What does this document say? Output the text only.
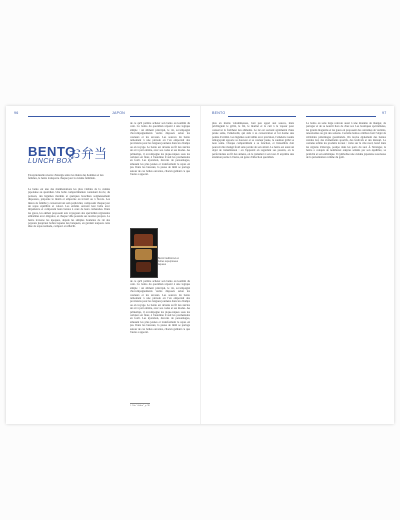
96	JAPON	BENTO	97
BENTO
お弁当
LUNCH BOX
Exceptionnelle réserve d'énergie entre les mains des hommes et des femmes, le bento transporte chaque jour la cuisine familiale.
Le bento est une des manifestations les plus visibles de la cuisine japonaise au quotidien. Une boîte compartimentée contenant du riz, du poisson, des légumes marinés et quelques bouchées soigneusement disposées, préparée le matin et emportée au travail ou à l'école. Les mères de famille y consacrent un soin particulier, composant chaque jour un repas équilibré et coloré. Les enfants ouvrent leur boîte avec impatience et comparent leurs bentos à ceux de leurs camarades. Dans les gares, les ekiben proposent aux voyageurs des spécialités régionales emballées avec élégance, et chaque ville possède ses recettes propres. Le bento traverse les époques, depuis les simples boulettes de riz des paysans jusqu'aux boîtes laquées des banquets, en gardant toujours cette idée de repas nomade, compact et réfléchi.
de ce qu'il préfère acheter son bento au konbini du coin. Ce bento du quotidien répond à une logique simple : un aliment principal, le riz, accompagné d'accompagnements variés disposés selon les couleurs et les saveurs. Les sources du bento remontent à une période où l'on emportait des provisions pour les longues journées dans les champs ou en voyage. Le bento est devenu au fil des siècles un art à part entière, avec ses codes et ses modes. Au printemps, il accompagne les pique-niques sous les cerisiers en fleur, à l'automne il suit les promenades en forêt. Les kyaraben, décorés de personnages, amusent les plus jeunes et transforment le repas en jeu. Dans les bureaux, la pause de midi se partage autour de ces boîtes ouvertes, chacun goûtant ce que l'autre a apporté.
de ce qu'il préfère acheter son bento au konbini du coin. Ce bento du quotidien répond à une logique simple : un aliment principal, le riz, accompagné d'accompagnements variés disposés selon les couleurs et les saveurs. Les sources du bento remontent à une période où l'on emportait des provisions pour les longues journées dans les champs ou en voyage. Le bento est devenu au fil des siècles un art à part entière, avec ses codes et ses modes. Au printemps, il accompagne les pique-niques sous les cerisiers en fleur, à l'automne il suit les promenades en forêt. Les kyaraben, décorés de personnages, amusent les plus jeunes et transforment le repas en jeu. Dans les bureaux, la pause de midi se partage autour de ces boîtes ouvertes, chacun goûtant ce que l'autre a apporté.
plus en moins volumineuses, font peu appel aux sauces, mais privilégient le grillé, le frit, le mariné et le cuit à la vapeur pour conserver la fraîcheur des aliments. Le riz est souvent agrémenté d'une prune salée, l'umeboshi, qui aide à sa conservation et lui donne une pointe d'acidité. Les légumes sont taillés avec précision, l'omelette roulée tamagoyaki apporte sa douceur et sa couleur jaune, le saumon grillé sa note salée. Chaque compartiment a sa fonction, et l'ensemble doit pouvoir être mangé froid sans perdre de son attrait. Le bento est aussi un objet de transmission : on l'apprend en regardant ses parents, on le perfectionne au fil des années, on le transmet à son tour. Il exprime une attention portée à l'autre, un geste d'affection quotidien.
Le bento au sens large renvoie aussi à une manière de manger, de partager et de se nourrir hors de chez soi. Les boutiques spécialisées, les grands magasins et les gares en proposent des centaines de variétés, renouvelées au gré des saisons. Certains bentos célèbres font l'objet de véritables pèlerinages gourmands. On trouve également des bentos vendus lors des événements sportifs, des festivals et des matsuri. Le contenu reflète les produits locaux : crabe sur la côte nord, bœuf dans les régions d'élevage, poulpe dans les ports du sud. À l'étranger, le bento a conquis de nombreux adeptes séduits par son équilibre, sa praticité et son esthétique. Il symbolise une cuisine japonaise soucieuse de la présentation comme du goût.
Bento traditionnel en boîtes superposées laquées
1. Voir "ekiben", p. 96.
